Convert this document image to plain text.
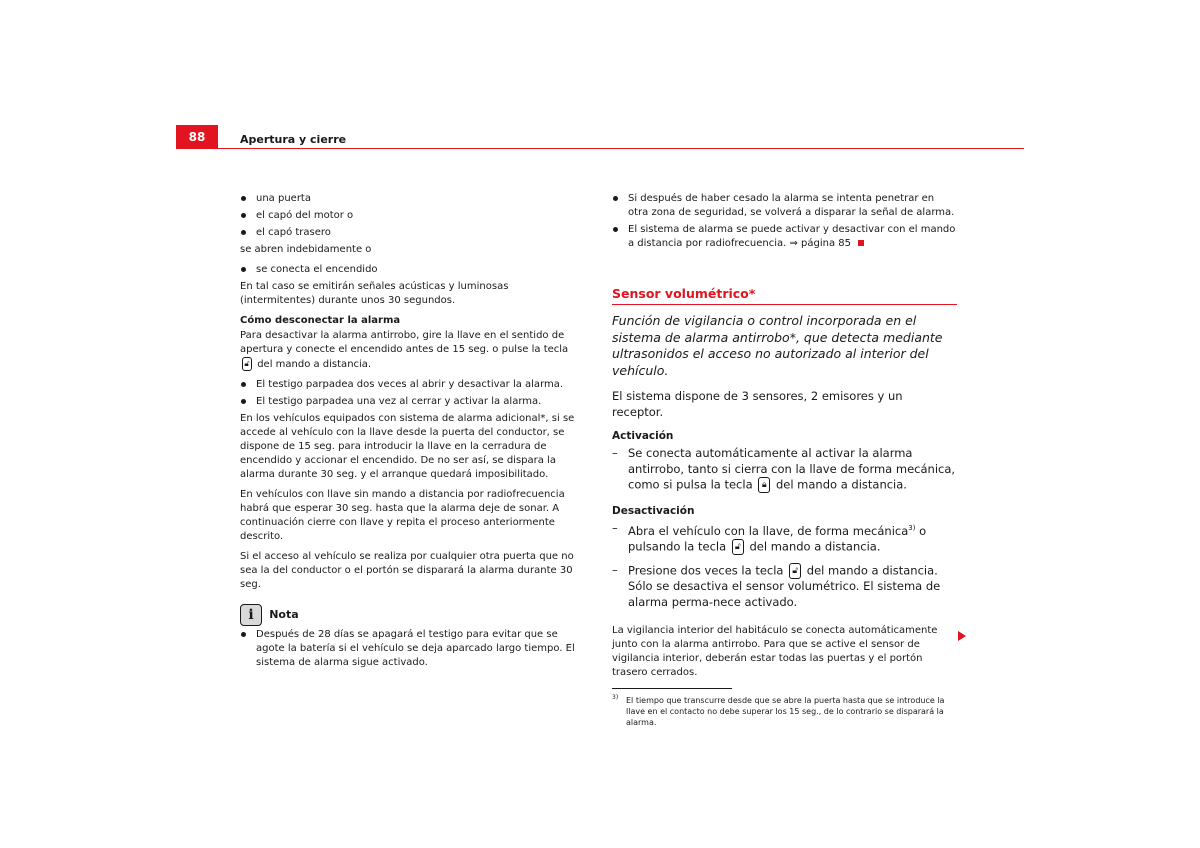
88	Apertura y cierre
una puerta
el capó del motor o
el capó trasero

se abren indebidamente o

se conecta el encendido

En tal caso se emitirán señales acústicas y luminosas (intermitentes) durante unos 30 segundos.

Cómo desconectar la alarma

Para desactivar la alarma antirrobo, gire la llave en el sentido de apertura y conecte el encendido antes de 15 seg. o pulse la tecla 🔓︎ del mando a distancia.

El testigo parpadea dos veces al abrir y desactivar la alarma.
El testigo parpadea una vez al cerrar y activar la alarma.

En los vehículos equipados con sistema de alarma adicional*, si se accede al vehículo con la llave desde la puerta del conductor, se dispone de 15 seg. para introducir la llave en la cerradura de encendido y accionar el encendido. De no ser así, se dispara la alarma durante 30 seg. y el arranque quedará imposibilitado.

En vehículos con llave sin mando a distancia por radiofrecuencia habrá que esperar 30 seg. hasta que la alarma deje de sonar. A continuación cierre con llave y repita el proceso anteriormente descrito.

Si el acceso al vehículo se realiza por cualquier otra puerta que no sea la del conductor o el portón se disparará la alarma durante 30 seg.

i Nota
Después de 28 días se apagará el testigo para evitar que se agote la batería si el vehículo se deja aparcado largo tiempo. El sistema de alarma sigue activado.
Si después de haber cesado la alarma se intenta penetrar en otra zona de seguridad, se volverá a disparar la señal de alarma.
El sistema de alarma se puede activar y desactivar con el mando a distancia por radiofrecuencia. ⇒ página 85
Sensor volumétrico*

Función de vigilancia o control incorporada en el sistema de alarma antirrobo*, que detecta mediante ultrasonidos el acceso no autorizado al interior del vehículo.

El sistema dispone de 3 sensores, 2 emisores y un receptor.

Activación

– Se conecta automáticamente al activar la alarma antirrobo, tanto si cierra con la llave de forma mecánica, como si pulsa la tecla 🔒︎ del mando a distancia.

Desactivación

– Abra el vehículo con la llave, de forma mecánica$^{3)}$ o pulsando la tecla 🔓︎ del mando a distancia.
– Presione dos veces la tecla 🔓︎ del mando a distancia. Sólo se desactiva el sensor volumétrico. El sistema de alarma perma-nece activado.

La vigilancia interior del habitáculo se conecta automáticamente junto con la alarma antirrobo. Para que se active el sensor de vigilancia interior, deberán estar todas las puertas y el portón trasero cerrados.

3) El tiempo que transcurre desde que se abre la puerta hasta que se introduce la llave en el contacto no debe superar los 15 seg., de lo contrario se disparará la alarma.
